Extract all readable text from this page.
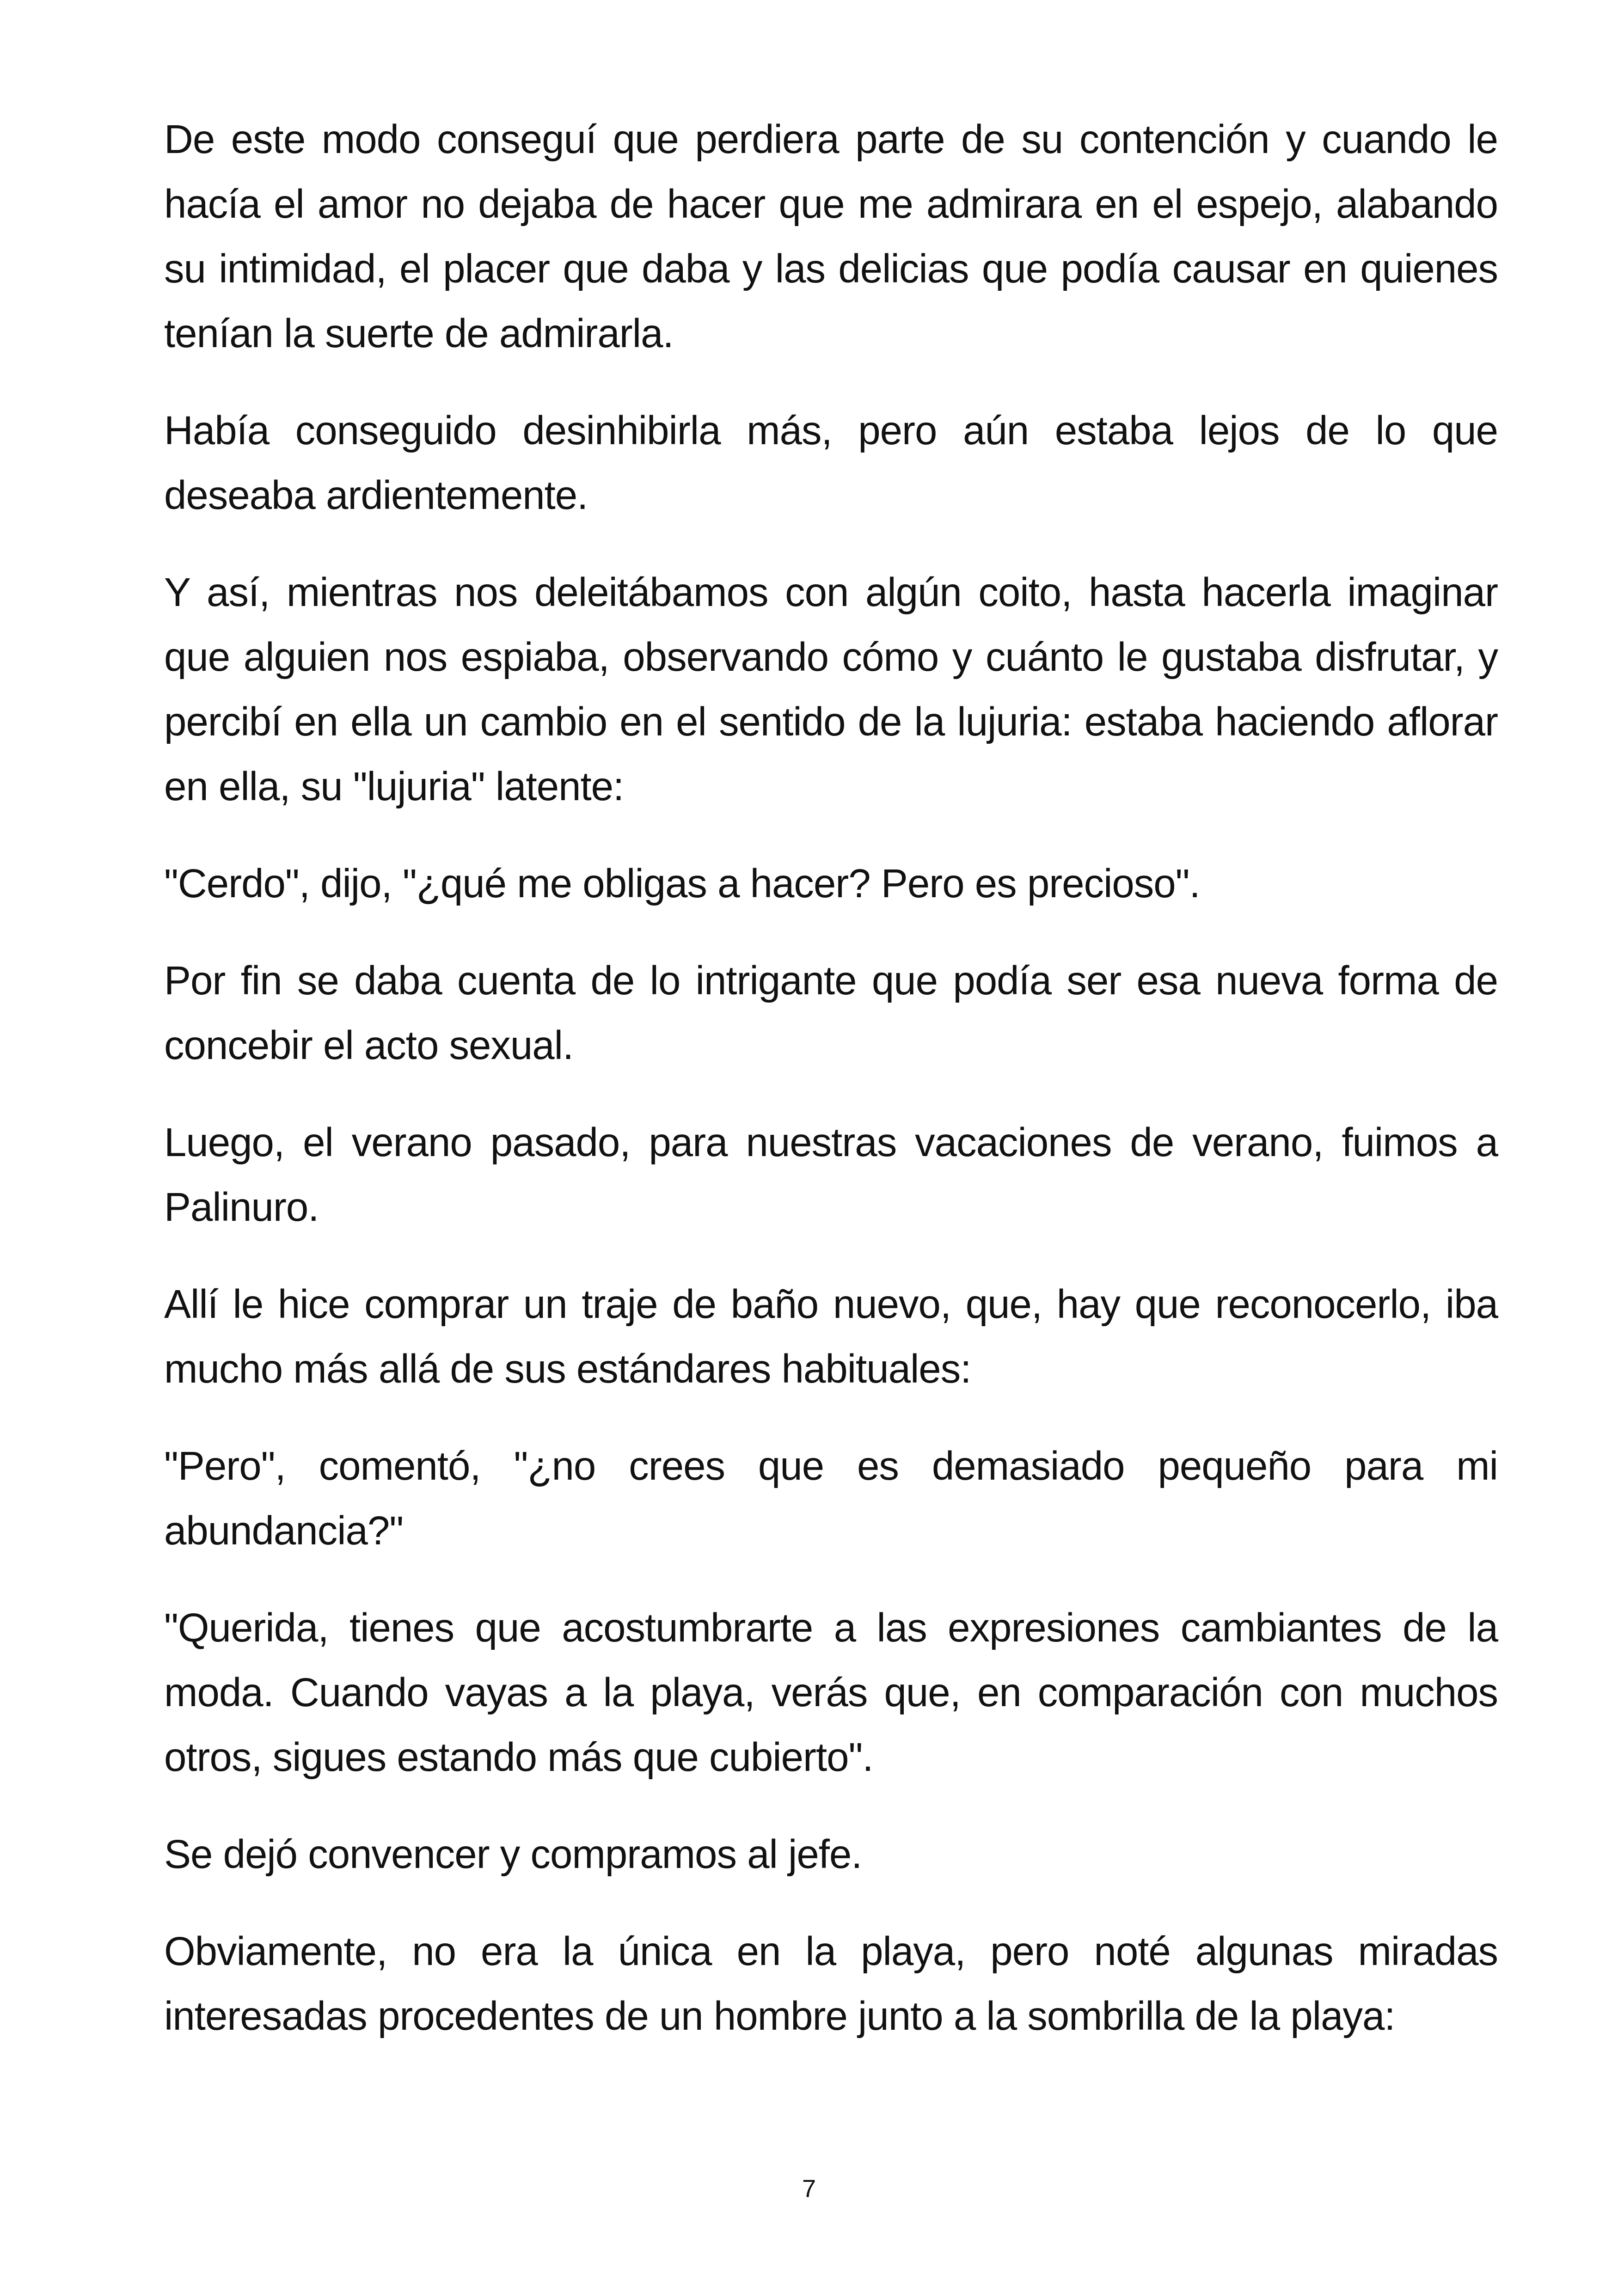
De este modo conseguí que perdiera parte de su contención y cuando le hacía el amor no dejaba de hacer que me admirara en el espejo, alabando su intimidad, el placer que daba y las delicias que podía causar en quienes tenían la suerte de admirarla.

Había conseguido desinhibirla más, pero aún estaba lejos de lo que deseaba ardientemente.

Y así, mientras nos deleitábamos con algún coito, hasta hacerla imaginar que alguien nos espiaba, observando cómo y cuánto le gustaba disfrutar, y percibí en ella un cambio en el sentido de la lujuria: estaba haciendo aflorar en ella, su "lujuria" latente:

"Cerdo", dijo, "¿qué me obligas a hacer? Pero es precioso".

Por fin se daba cuenta de lo intrigante que podía ser esa nueva forma de concebir el acto sexual.

Luego, el verano pasado, para nuestras vacaciones de verano, fuimos a Palinuro.

Allí le hice comprar un traje de baño nuevo, que, hay que reconocerlo, iba mucho más allá de sus estándares habituales:

"Pero", comentó, "¿no crees que es demasiado pequeño para mi abundancia?"

"Querida, tienes que acostumbrarte a las expresiones cambiantes de la moda. Cuando vayas a la playa, verás que, en comparación con muchos otros, sigues estando más que cubierto".

Se dejó convencer y compramos al jefe.

Obviamente, no era la única en la playa, pero noté algunas miradas interesadas procedentes de un hombre junto a la sombrilla de la playa:

7
